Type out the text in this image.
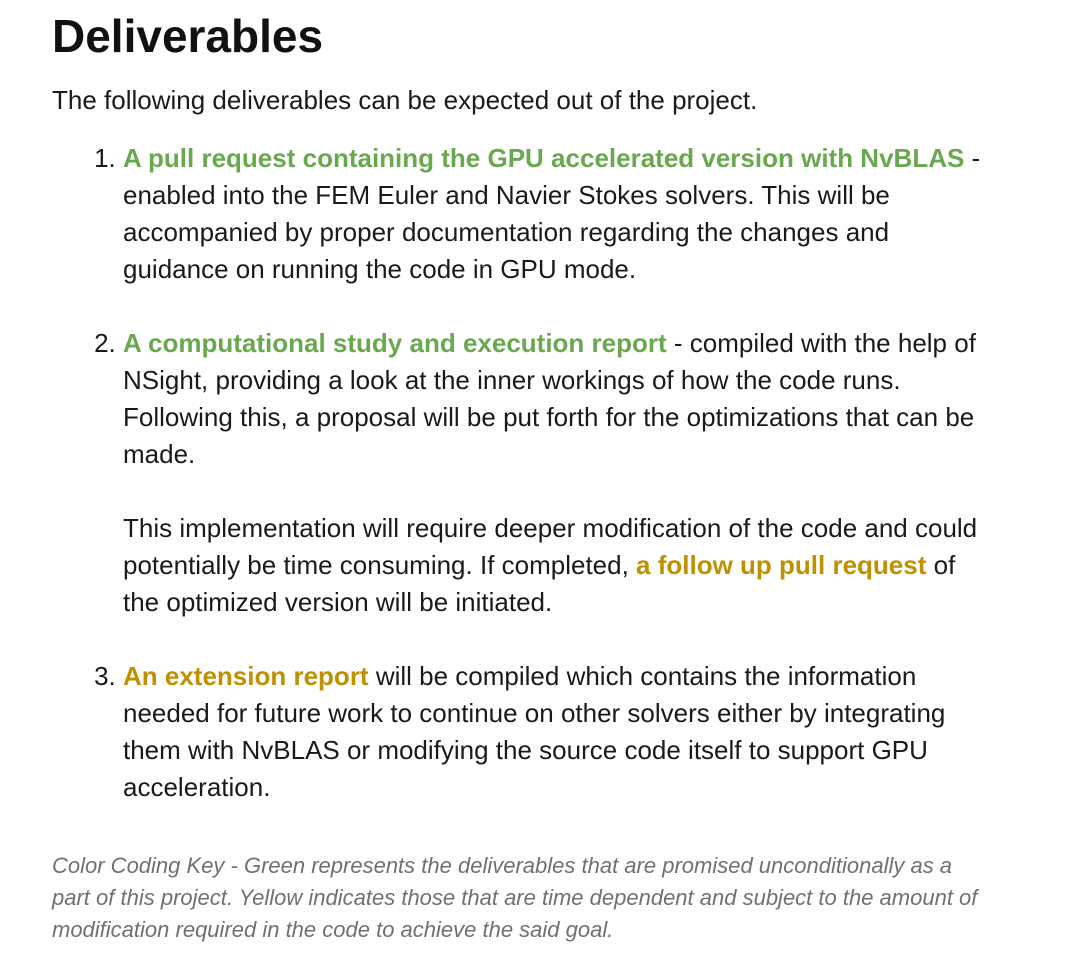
Deliverables

The following deliverables can be expected out of the project.

1. A pull request containing the GPU accelerated version with NvBLAS - enabled into the FEM Euler and Navier Stokes solvers. This will be accompanied by proper documentation regarding the changes and guidance on running the code in GPU mode.

2. A computational study and execution report - compiled with the help of NSight, providing a look at the inner workings of how the code runs. Following this, a proposal will be put forth for the optimizations that can be made.

This implementation will require deeper modification of the code and could potentially be time consuming. If completed, a follow up pull request of the optimized version will be initiated.

3. An extension report will be compiled which contains the information needed for future work to continue on other solvers either by integrating them with NvBLAS or modifying the source code itself to support GPU acceleration.

Color Coding Key - Green represents the deliverables that are promised unconditionally as a part of this project. Yellow indicates those that are time dependent and subject to the amount of modification required in the code to achieve the said goal.
